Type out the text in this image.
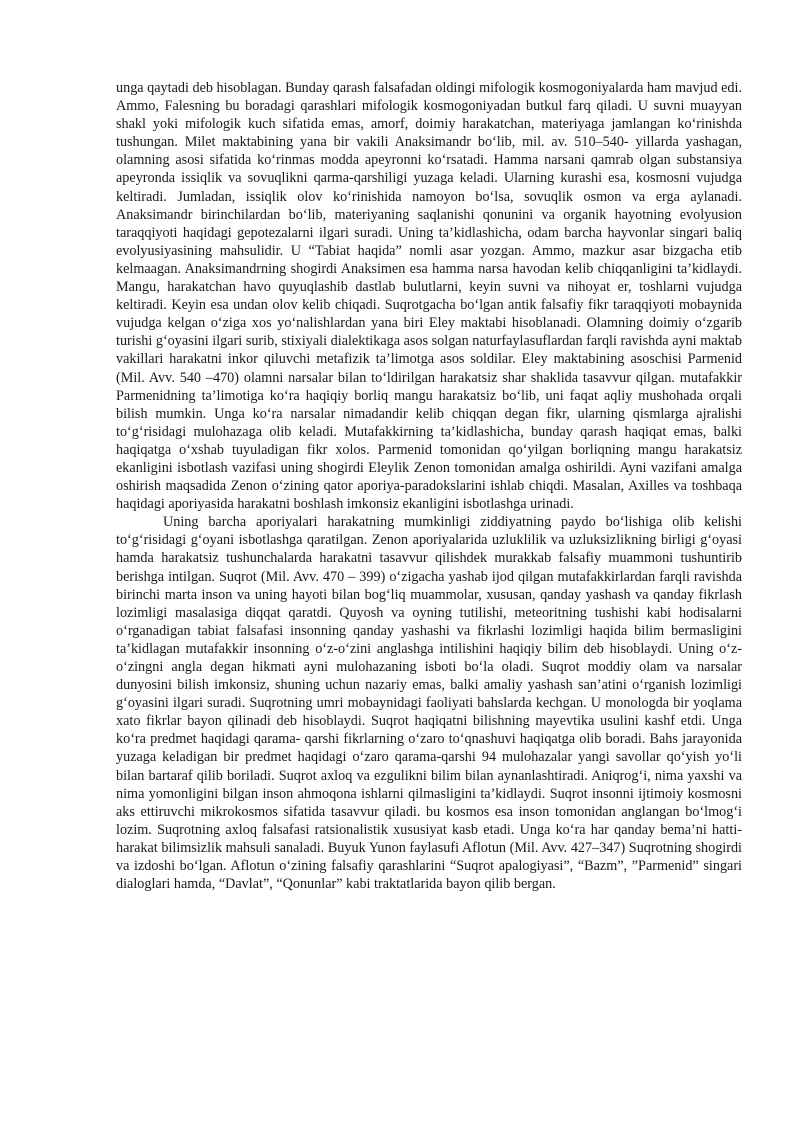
unga qaytadi deb hisoblagan. Bunday qarash falsafadan oldingi mifologik kosmogoniyalarda ham mavjud edi. Ammo, Falesning bu boradagi qarashlari mifologik kosmogoniyadan butkul farq qiladi. U suvni muayyan shakl yoki mifologik kuch sifatida emas, amorf, doimiy harakatchan, materiyaga jamlangan ko‘rinishda tushungan. Milet maktabining yana bir vakili Anaksimandr bo‘lib, mil. av. 510–540- yillarda yashagan, olamning asosi sifatida ko‘rinmas modda apeyronni ko‘rsatadi. Hamma narsani qamrab olgan substansiya apeyronda issiqlik va sovuqlikni qarma-qarshiligi yuzaga keladi. Ularning kurashi esa, kosmosni vujudga keltiradi. Jumladan, issiqlik olov ko‘rinishida namoyon bo‘lsa, sovuqlik osmon va erga aylanadi. Anaksimandr birinchilardan bo‘lib, materiyaning saqlanishi qonunini va organik hayotning evolyusion taraqqiyoti haqidagi gepotezalarni ilgari suradi. Uning ta’kidlashicha, odam barcha hayvonlar singari baliq evolyusiyasining mahsulidir. U “Tabiat haqida” nomli asar yozgan. Ammo, mazkur asar bizgacha etib kelmaagan. Anaksimandrning shogirdi Anaksimen esa hamma narsa havodan kelib chiqqanligini ta’kidlaydi. Mangu, harakatchan havo quyuqlashib dastlab bulutlarni, keyin suvni va nihoyat er, toshlarni vujudga keltiradi. Keyin esa undan olov kelib chiqadi. Suqrotgacha bo‘lgan antik falsafiy fikr taraqqiyoti mobaynida vujudga kelgan o‘ziga xos yo‘nalishlardan yana biri Eley maktabi hisoblanadi. Olamning doimiy o‘zgarib turishi g‘oyasini ilgari surib, stixiyali dialektikaga asos solgan naturfaylasuflardan farqli ravishda ayni maktab vakillari harakatni inkor qiluvchi metafizik ta’limotga asos soldilar. Eley maktabining asoschisi Parmenid (Mil. Avv. 540 –470) olamni narsalar bilan to‘ldirilgan harakatsiz shar shaklida tasavvur qilgan. mutafakkir Parmenidning ta’limotiga ko‘ra haqiqiy borliq mangu harakatsiz bo‘lib, uni faqat aqliy mushohada orqali bilish mumkin. Unga ko‘ra narsalar nimadandir kelib chiqqan degan fikr, ularning qismlarga ajralishi to‘g‘risidagi mulohazaga olib keladi. Mutafakkirning ta’kidlashicha, bunday qarash haqiqat emas, balki haqiqatga o‘xshab tuyuladigan fikr xolos. Parmenid tomonidan qo‘yilgan borliqning mangu harakatsiz ekanligini isbotlash vazifasi uning shogirdi Eleylik Zenon tomonidan amalga oshirildi. Ayni vazifani amalga oshirish maqsadida Zenon o‘zining qator aporiya-paradokslarini ishlab chiqdi. Masalan, Axilles va toshbaqa haqidagi aporiyasida harakatni boshlash imkonsiz ekanligini isbotlashga urinadi.

Uning barcha aporiyalari harakatning mumkinligi ziddiyatning paydo bo‘lishiga olib kelishi to‘g‘risidagi g‘oyani isbotlashga qaratilgan. Zenon aporiyalarida uzluklilik va uzluksizlikning birligi g‘oyasi hamda harakatsiz tushunchalarda harakatni tasavvur qilishdek murakkab falsafiy muammoni tushuntirib berishga intilgan. Suqrot (Mil. Avv. 470 – 399) o‘zigacha yashab ijod qilgan mutafakkirlardan farqli ravishda birinchi marta inson va uning hayoti bilan bog‘liq muammolar, xususan, qanday yashash va qanday fikrlash lozimligi masalasiga diqqat qaratdi. Quyosh va oyning tutilishi, meteoritning tushishi kabi hodisalarni o‘rganadigan tabiat falsafasi insonning qanday yashashi va fikrlashi lozimligi haqida bilim bermasligini ta’kidlagan mutafakkir insonning o‘z-o‘zini anglashga intilishini haqiqiy bilim deb hisoblaydi. Uning o‘z-o‘zingni angla degan hikmati ayni mulohazaning isboti bo‘la oladi. Suqrot moddiy olam va narsalar dunyosini bilish imkonsiz, shuning uchun nazariy emas, balki amaliy yashash san’atini o‘rganish lozimligi g‘oyasini ilgari suradi. Suqrotning umri mobaynidagi faoliyati bahslarda kechgan. U monologda bir yoqlama xato fikrlar bayon qilinadi deb hisoblaydi. Suqrot haqiqatni bilishning mayevtika usulini kashf etdi. Unga ko‘ra predmet haqidagi qarama- qarshi fikrlarning o‘zaro to‘qnashuvi haqiqatga olib boradi. Bahs jarayonida yuzaga keladigan bir predmet haqidagi o‘zaro qarama-qarshi 94 mulohazalar yangi savollar qo‘yish yo‘li bilan bartaraf qilib boriladi. Suqrot axloq va ezgulikni bilim bilan aynanlashtiradi. Aniqrog‘i, nima yaxshi va nima yomonligini bilgan inson ahmoqona ishlarni qilmasligini ta’kidlaydi. Suqrot insonni ijtimoiy kosmosni aks ettiruvchi mikrokosmos sifatida tasavvur qiladi. bu kosmos esa inson tomonidan anglangan bo‘lmog‘i lozim. Suqrotning axloq falsafasi ratsionalistik xususiyat kasb etadi. Unga ko‘ra har qanday bema’ni hatti-harakat bilimsizlik mahsuli sanaladi. Buyuk Yunon faylasufi Aflotun (Mil. Avv. 427–347) Suqrotning shogirdi va izdoshi bo‘lgan. Aflotun o‘zining falsafiy qarashlarini “Suqrot apalogiyasi”, “Bazm”, ”Parmenid” singari dialoglari hamda, “Davlat”, “Qonunlar” kabi traktatlarida bayon qilib bergan.
